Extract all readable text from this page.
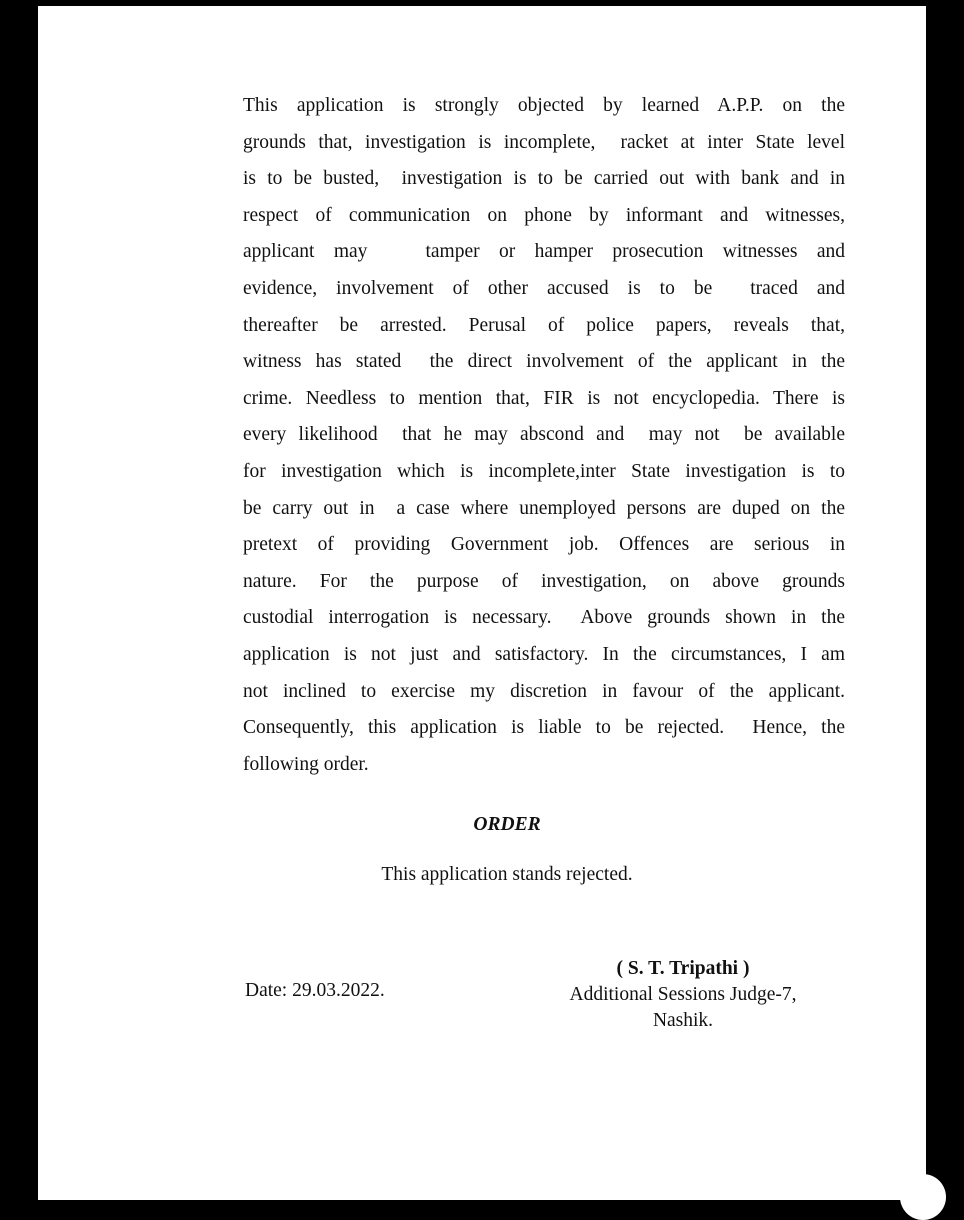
This application is strongly objected by learned A.P.P. on the
grounds that, investigation is incomplete,  racket at inter State level
is to be busted,  investigation is to be carried out with bank and in
respect of communication on phone by informant and witnesses,
applicant may   tamper or hamper prosecution witnesses and
evidence, involvement of other accused is to be  traced and
thereafter be arrested. Perusal of police papers, reveals that,
witness has stated  the direct involvement of the applicant in the
crime. Needless to mention that, FIR is not encyclopedia. There is
every likelihood  that he may abscond and  may not  be available
for investigation which is incomplete,inter State investigation is to
be carry out in  a case where unemployed persons are duped on the
pretext of providing Government job. Offences are serious in
nature. For the purpose of investigation, on above grounds
custodial interrogation is necessary.  Above grounds shown in the
application is not just and satisfactory. In the circumstances, I am
not inclined to exercise my discretion in favour of the applicant.
Consequently, this application is liable to be rejected.  Hence, the
following order.
ORDER
This application stands rejected.
Date: 29.03.2022.
( S. T. Tripathi )
Additional Sessions Judge-7,
Nashik.
